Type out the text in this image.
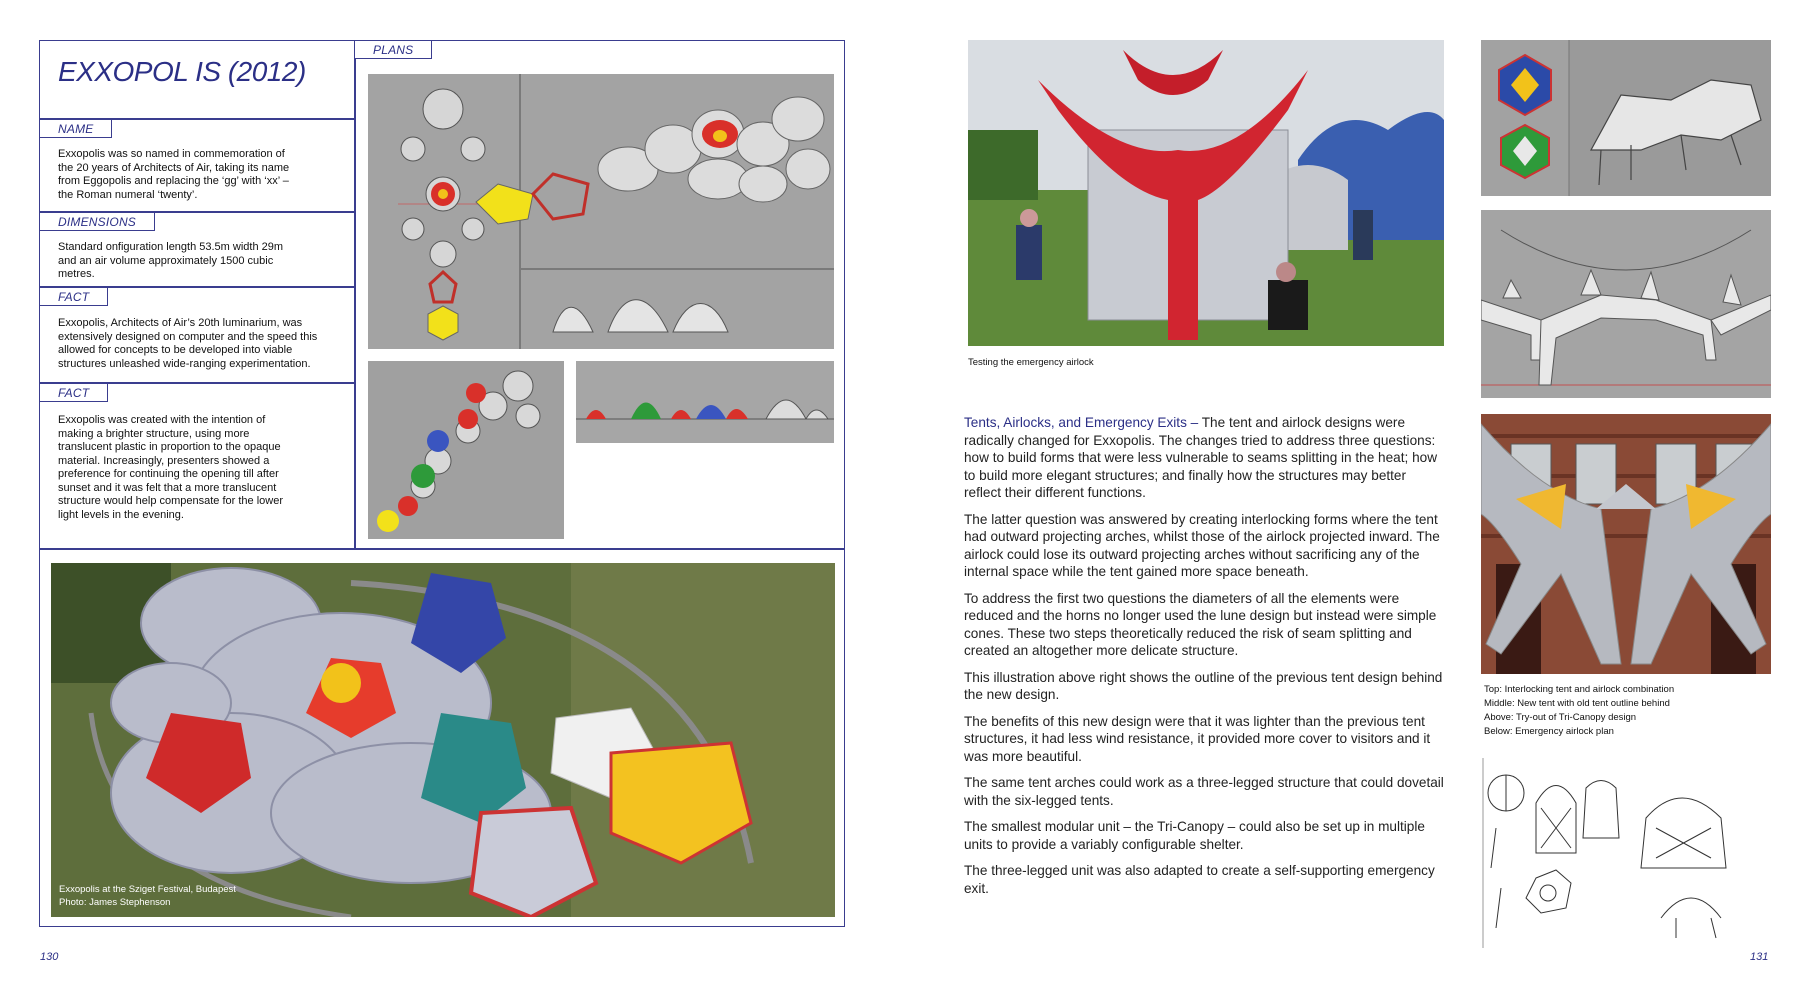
EXXOPOL IS (2012)
NAME
Exxopolis was so named in commemoration of the 20 years of Architects of Air, taking its name from Eggopolis and replacing the ‘gg’ with ‘xx’ – the Roman numeral ‘twenty’.
DIMENSIONS
Standard onfiguration length 53.5m width 29m and an air volume approximately 1500 cubic metres.
FACT
Exxopolis, Architects of Air’s 20th luminarium, was extensively designed on computer and the speed this allowed for concepts to be developed into viable structures unleashed wide-ranging experimentation.
FACT
Exxopolis was created with the intention of making a brighter structure, using more translucent plastic in proportion to the opaque material. Increasingly, presenters showed a preference for continuing the opening till after sunset and it was felt that a more translucent structure would help compensate for the lower light levels in the evening.
PLANS
Exxopolis at the Sziget Festival, Budapest
Photo: James Stephenson
130
Testing the emergency airlock

Tents, Airlocks, and Emergency Exits – The tent and airlock designs were radically changed for Exxopolis. The changes tried to address three questions: how to build forms that were less vulnerable to seams splitting in the heat; how to build more elegant structures; and finally how the structures may better reflect their different functions.

The latter question was answered by creating interlocking forms where the tent had outward projecting arches, whilst those of the airlock projected inward. The airlock could lose its outward projecting arches without sacrificing any of the internal space while the tent gained more space beneath.

To address the first two questions the diameters of all the elements were reduced and the horns no longer used the lune design but instead were simple cones. These two steps theoretically reduced the risk of seam splitting and created an altogether more delicate structure.

This illustration above right shows the outline of the previous tent design behind the new design.

The benefits of this new design were that it was lighter than the previous tent structures, it had less wind resistance, it provided more cover to visitors and it was more beautiful.

The same tent arches could work as a three-legged structure that could dovetail with the six-legged tents.

The smallest modular unit – the Tri-Canopy – could also be set up in multiple units to provide a variably configurable shelter.

The three-legged unit was also adapted to create a self-supporting emergency exit.

Top: Interlocking tent and airlock combination
Middle: New tent with old tent outline behind
Above: Try-out of Tri-Canopy design
Below: Emergency airlock plan
131
